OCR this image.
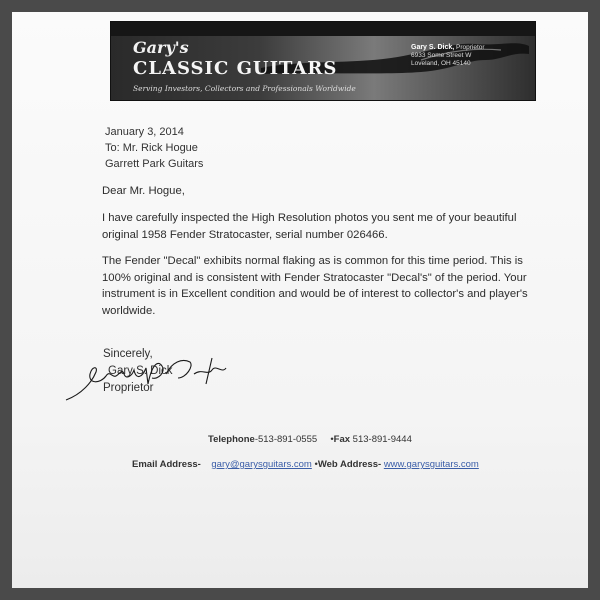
Gary's
CLASSIC GUITARS
Serving Investors, Collectors and Professionals Worldwide
Gary S. Dick, Proprietor
6933 Some Street W
Loveland, OH 45140
January 3, 2014
To: Mr. Rick Hogue
Garrett Park Guitars
Dear Mr. Hogue,
I have carefully inspected the High Resolution photos you sent me of your beautiful original 1958 Fender Stratocaster, serial number 026466.
The Fender "Decal" exhibits normal flaking as is common for this time period. This is 100% original and is consistent with Fender Stratocaster "Decal's" of the period. Your instrument is in Excellent condition and would be of interest to collector's and player's worldwide.
Sincerely,
Gary S. Dick
Proprietor
Telephone-513-891-0555 •Fax 513-891-9444
Email Address- gary@garysguitars.com •Web Address- www.garysguitars.com
